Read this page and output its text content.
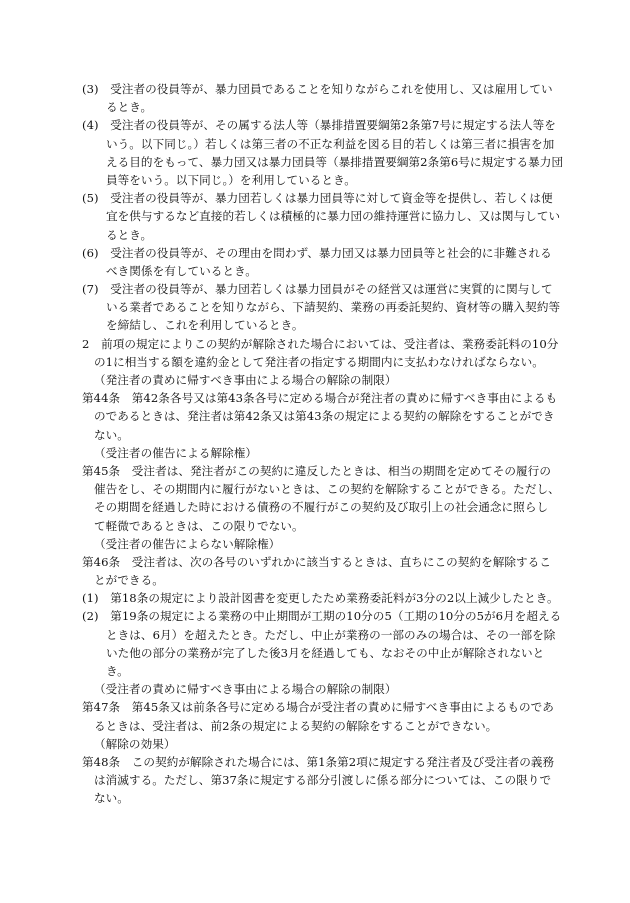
(3)　受注者の役員等が、暴力団員であることを知りながらこれを使用し、又は雇用してい
るとき。
(4)　受注者の役員等が、その属する法人等（暴排措置要綱第2条第7号に規定する法人等を
いう。以下同じ。）若しくは第三者の不正な利益を図る目的若しくは第三者に損害を加
える目的をもって、暴力団又は暴力団員等（暴排措置要綱第2条第6号に規定する暴力団
員等をいう。以下同じ。）を利用しているとき。
(5)　受注者の役員等が、暴力団若しくは暴力団員等に対して資金等を提供し、若しくは便
宜を供与するなど直接的若しくは積極的に暴力団の維持運営に協力し、又は関与してい
るとき。
(6)　受注者の役員等が、その理由を問わず、暴力団又は暴力団員等と社会的に非難される
べき関係を有しているとき。
(7)　受注者の役員等が、暴力団若しくは暴力団員がその経営又は運営に実質的に関与して
いる業者であることを知りながら、下請契約、業務の再委託契約、資材等の購入契約等
を締結し、これを利用しているとき。
2　前項の規定によりこの契約が解除された場合においては、受注者は、業務委託料の10分
の1に相当する額を違約金として発注者の指定する期間内に支払わなければならない。
（発注者の責めに帰すべき事由による場合の解除の制限）
第44条　第42条各号又は第43条各号に定める場合が発注者の責めに帰すべき事由によるも
のであるときは、発注者は第42条又は第43条の規定による契約の解除をすることができ
ない。
（受注者の催告による解除権）
第45条　受注者は、発注者がこの契約に違反したときは、相当の期間を定めてその履行の
催告をし、その期間内に履行がないときは、この契約を解除することができる。ただし、
その期間を経過した時における債務の不履行がこの契約及び取引上の社会通念に照らし
て軽微であるときは、この限りでない。
（受注者の催告によらない解除権）
第46条　受注者は、次の各号のいずれかに該当するときは、直ちにこの契約を解除するこ
とができる。
(1)　第18条の規定により設計図書を変更したため業務委託料が3分の2以上減少したとき。
(2)　第19条の規定による業務の中止期間が工期の10分の5（工期の10分の5が6月を超える
ときは、6月）を超えたとき。ただし、中止が業務の一部のみの場合は、その一部を除
いた他の部分の業務が完了した後3月を経過しても、なおその中止が解除されないと
き。
（受注者の責めに帰すべき事由による場合の解除の制限）
第47条　第45条又は前条各号に定める場合が受注者の責めに帰すべき事由によるものであ
るときは、受注者は、前2条の規定による契約の解除をすることができない。
（解除の効果）
第48条　この契約が解除された場合には、第1条第2項に規定する発注者及び受注者の義務
は消滅する。ただし、第37条に規定する部分引渡しに係る部分については、この限りで
ない。
